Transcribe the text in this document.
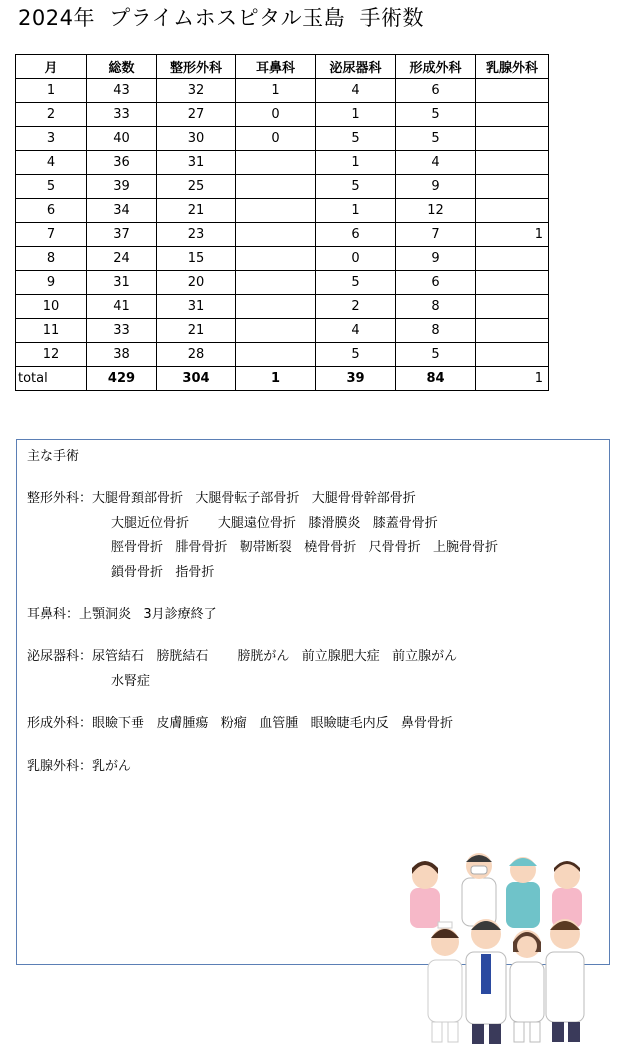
2024年  プライムホスピタル玉島  手術数
月	総数	整形外科	耳鼻科	泌尿器科	形成外科	乳腺外科
1	43	32	1	4	6	
2	33	27	0	1	5	
3	40	30	0	5	5	
4	36	31		1	4	
5	39	25		5	9	
6	34	21		1	12	
7	37	23		6	7	1
8	24	15		0	9	
9	31	20		5	6	
10	41	31		2	8	
11	33	21		4	8	
12	38	28		5	5	
total	429	304	1	39	84	1
主な手術
整形外科： 大腿骨頚部骨折   大腿骨転子部骨折   大腿骨骨幹部骨折
大腿近位骨折       大腿遠位骨折   膝滑膜炎   膝蓋骨骨折
脛骨骨折   腓骨骨折   靭帯断裂   橈骨骨折   尺骨骨折   上腕骨骨折
鎖骨骨折   指骨折
耳鼻科： 上顎洞炎   3月診療終了
泌尿器科： 尿管結石   膀胱結石       膀胱がん   前立腺肥大症   前立腺がん
水腎症
形成外科： 眼瞼下垂   皮膚腫瘍   粉瘤   血管腫   眼瞼睫毛内反   鼻骨骨折
乳腺外科： 乳がん
